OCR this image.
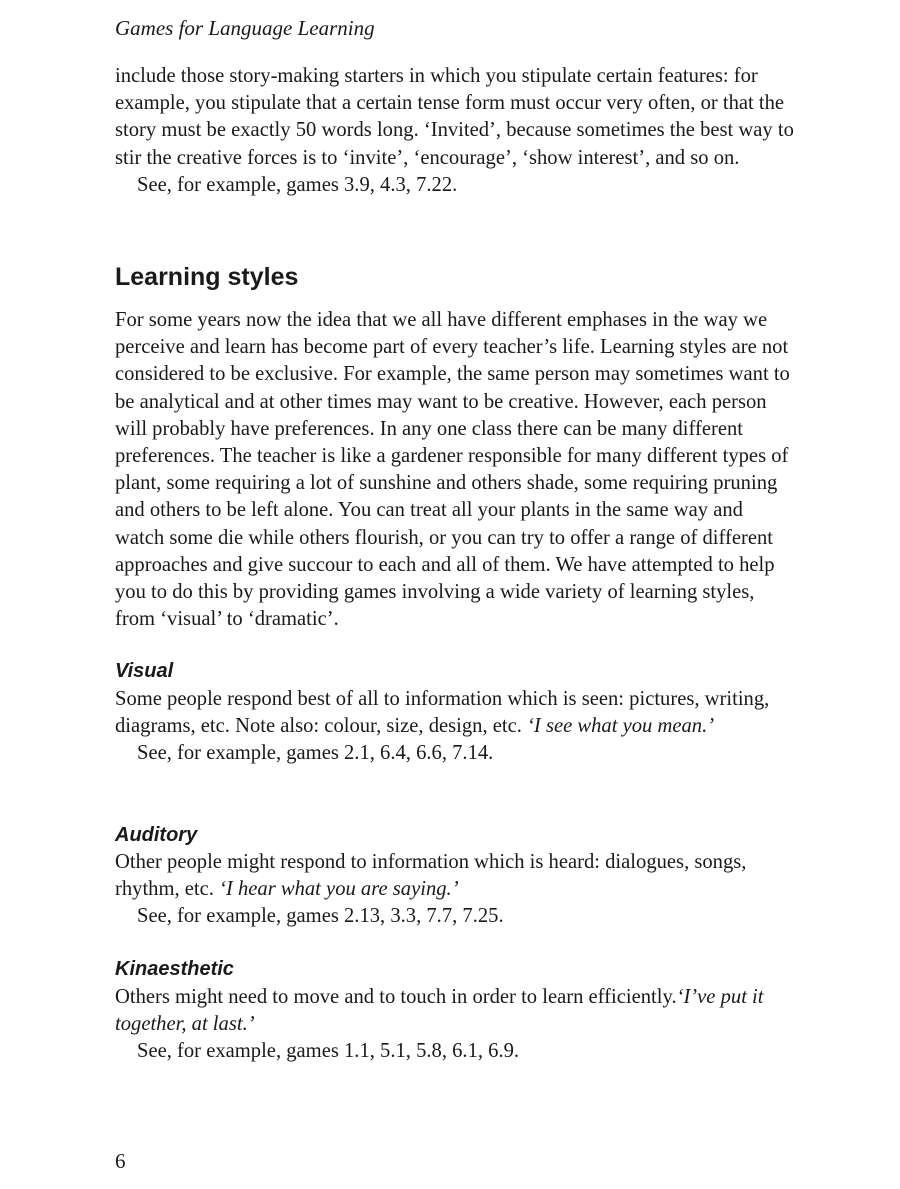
Games for Language Learning

include those story-making starters in which you stipulate certain features: for example, you stipulate that a certain tense form must occur very often, or that the story must be exactly 50 words long. ‘Invited’, because sometimes the best way to stir the creative forces is to ‘invite’, ‘encourage’, ‘show interest’, and so on.

See, for example, games 3.9, 4.3, 7.22.

Learning styles

For some years now the idea that we all have different emphases in the way we perceive and learn has become part of every teacher’s life. Learning styles are not considered to be exclusive. For example, the same person may sometimes want to be analytical and at other times may want to be creative. However, each person will probably have preferences. In any one class there can be many different preferences. The teacher is like a gardener responsible for many different types of plant, some requiring a lot of sunshine and others shade, some requiring pruning and others to be left alone. You can treat all your plants in the same way and watch some die while others flourish, or you can try to offer a range of different approaches and give succour to each and all of them. We have attempted to help you to do this by providing games involving a wide variety of learning styles, from ‘visual’ to ‘dramatic’.

Visual

Some people respond best of all to information which is seen: pictures, writing, diagrams, etc. Note also: colour, size, design, etc. ‘I see what you mean.’

See, for example, games 2.1, 6.4, 6.6, 7.14.

Auditory

Other people might respond to information which is heard: dialogues, songs, rhythm, etc. ‘I hear what you are saying.’

See, for example, games 2.13, 3.3, 7.7, 7.25.

Kinaesthetic

Others might need to move and to touch in order to learn efficiently.‘I’ve put it together, at last.’

See, for example, games 1.1, 5.1, 5.8, 6.1, 6.9.

6
